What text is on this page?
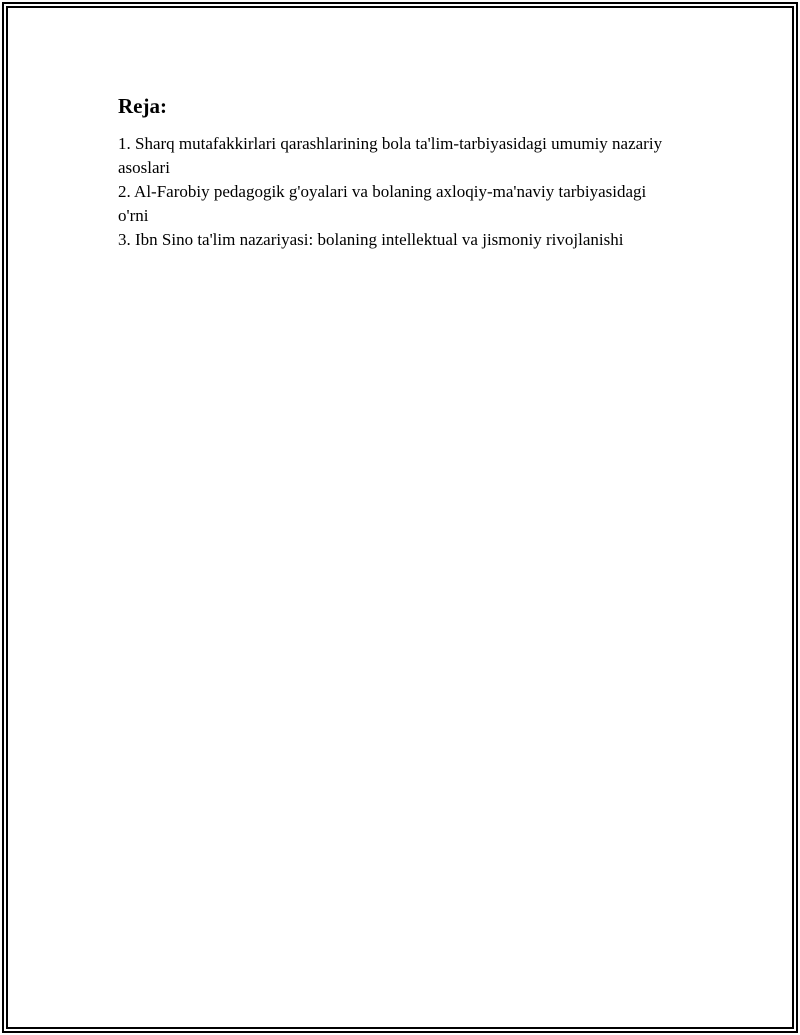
Reja:
1. Sharq mutafakkirlari qarashlarining bola ta'lim-tarbiyasidagi umumiy nazariy asoslari
2. Al-Farobiy pedagogik g'oyalari va bolaning axloqiy-ma'naviy tarbiyasidagi o'rni
3. Ibn Sino ta'lim nazariyasi: bolaning intellektual va jismoniy rivojlanishi
